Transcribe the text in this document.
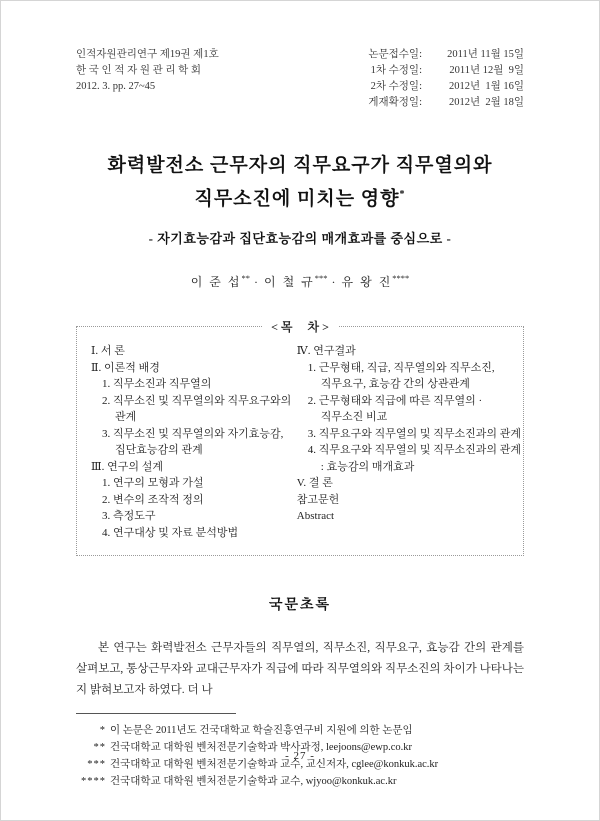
인적자원관리연구 제19권 제1호
한 국 인 적 자 원 관 리 학 회
2012. 3. pp. 27~45
논문접수일:	2011년 11월 15일
1차 수정일:	2011년 12월  9일
2차 수정일:	2012년  1월 16일
게재확정일:	2012년  2월 18일
화력발전소 근무자의 직무요구가 직무열의와
직무소진에 미치는 영향*
- 자기효능감과 집단효능감의 매개효과를 중심으로 -
이 준 섭** · 이 철 규*** · 유 왕 진****
< 목     차 >
Ⅰ. 서 론
Ⅱ. 이론적 배경
1. 직무소진과 직무열의
2. 직무소진 및 직무열의와 직무요구와의
관계
3. 직무소진 및 직무열의와 자기효능감,
집단효능감의 관계
Ⅲ. 연구의 설계
1. 연구의 모형과 가설
2. 변수의 조작적 정의
3. 측정도구
4. 연구대상 및 자료 분석방법
Ⅳ. 연구결과
1. 근무형태, 직급, 직무열의와 직무소진,
직무요구, 효능감 간의 상관관계
2. 근무형태와 직급에 따른 직무열의 ·
직무소진 비교
3. 직무요구와 직무열의 및 직무소진과의 관계
4. 직무요구와 직무열의 및 직무소진과의 관계
: 효능감의 매개효과
V. 결 론
참고문헌
Abstract
국문초록

본 연구는 화력발전소 근무자들의 직무열의, 직무소진, 직무요구, 효능감 간의 관계를 살펴보고, 통상근무자와 교대근무자가 직급에 따라 직무열의와 직무소진의 차이가 나타나는지 밝혀보고자 하였다. 더 나

* 이 논문은 2011년도 건국대학교 학술진흥연구비 지원에 의한 논문임
** 건국대학교 대학원 벤처전문기술학과 박사과정, leejoons@ewp.co.kr
*** 건국대학교 대학원 벤처전문기술학과 교수, 교신저자, cglee@konkuk.ac.kr
**** 건국대학교 대학원 벤처전문기술학과 교수, wjyoo@konkuk.ac.kr
- 27 -
